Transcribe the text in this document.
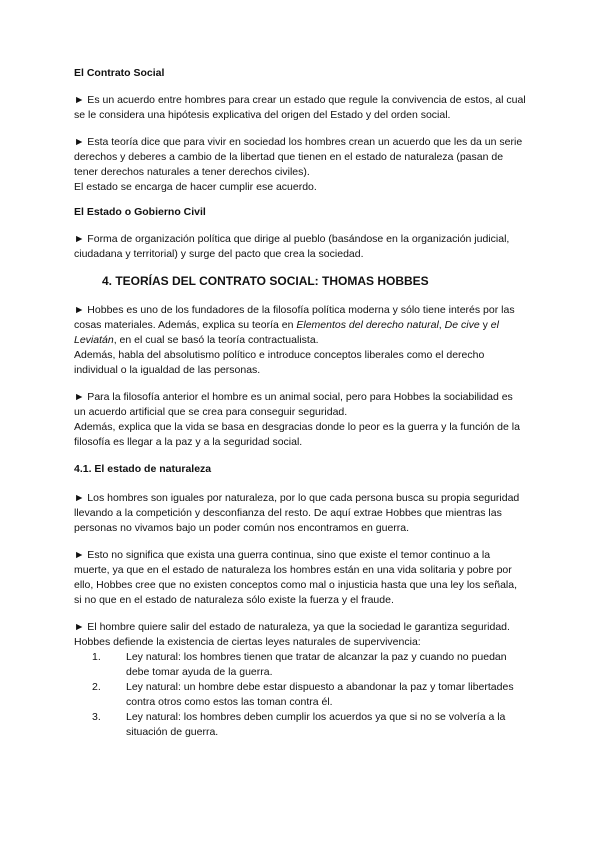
El Contrato Social

► Es un acuerdo entre hombres para crear un estado que regule la convivencia de estos, al cual se le considera una hipótesis explicativa del origen del Estado y del orden social.

► Esta teoría dice que para vivir en sociedad los hombres crean un acuerdo que les da un serie derechos y deberes a cambio de la libertad que tienen en el estado de naturaleza (pasan de tener derechos naturales a tener derechos civiles).
El estado se encarga de hacer cumplir ese acuerdo.
El Estado o Gobierno Civil

► Forma de organización política que dirige al pueblo (basándose en la organización judicial, ciudadana y territorial) y surge del pacto que crea la sociedad.

4. TEORÍAS DEL CONTRATO SOCIAL: THOMAS HOBBES
► Hobbes es uno de los fundadores de la filosofía política moderna y sólo tiene interés por las cosas materiales. Además, explica su teoría en Elementos del derecho natural, De cive y el Leviatán, en el cual se basó la teoría contractualista.
Además, habla del absolutismo político e introduce conceptos liberales como el derecho individual o la igualdad de las personas.
► Para la filosofía anterior el hombre es un animal social, pero para Hobbes la sociabilidad es un acuerdo artificial que se crea para conseguir seguridad.
Además, explica que la vida se basa en desgracias donde lo peor es la guerra y la función de la filosofía es llegar a la paz y a la seguridad social.
4.1. El estado de naturaleza

► Los hombres son iguales por naturaleza, por lo que cada persona busca su propia seguridad llevando a la competición y desconfianza del resto. De aquí extrae Hobbes que mientras las personas no vivamos bajo un poder común nos encontramos en guerra.

► Esto no significa que exista una guerra continua, sino que existe el temor continuo a la muerte, ya que en el estado de naturaleza los hombres están en una vida solitaria y pobre por ello, Hobbes cree que no existen conceptos como mal o injusticia hasta que una ley los señala, si no que en el estado de naturaleza sólo existe la fuerza y el fraude.

► El hombre quiere salir del estado de naturaleza, ya que la sociedad le garantiza seguridad. Hobbes defiende la existencia de ciertas leyes naturales de supervivencia:

1. Ley natural: los hombres tienen que tratar de alcanzar la paz y cuando no puedan debe tomar ayuda de la guerra.
2. Ley natural: un hombre debe estar dispuesto a abandonar la paz y tomar libertades contra otros como estos las toman contra él.
3. Ley natural: los hombres deben cumplir los acuerdos ya que si no se volvería a la situación de guerra.
